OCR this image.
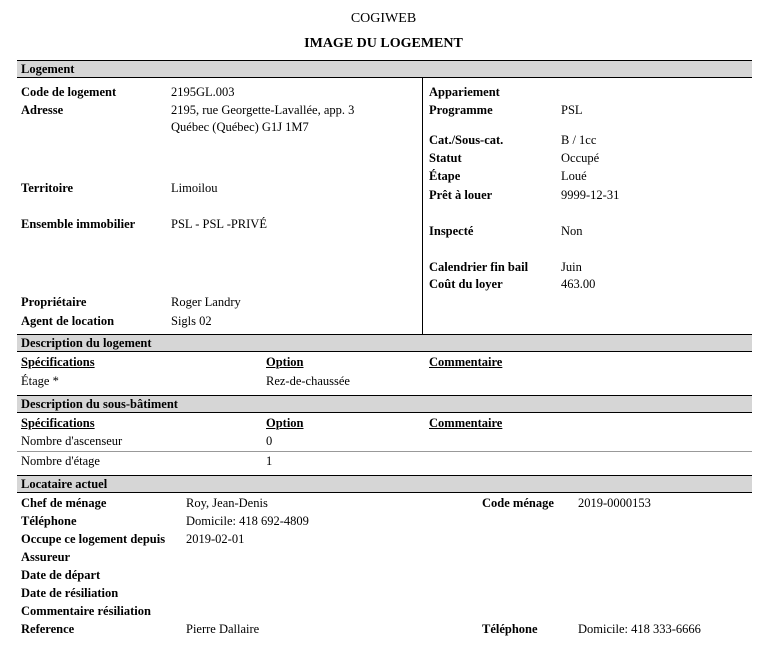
COGIWEB
IMAGE DU LOGEMENT
Logement
Code de logement	2195GL.003
Adresse	2195, rue Georgette-Lavallée, app. 3
Québec (Québec) G1J 1M7
Territoire	Limoilou
Ensemble immobilier	PSL - PSL -PRIVÉ
Propriétaire	Roger Landry
Agent de location	Sigls 02
Appariement
Programme	PSL
Cat./Sous-cat.	B / 1cc
Statut	Occupé
Étape	Loué
Prêt à louer	9999-12-31
Inspecté	Non
Calendrier fin bail	Juin
Coût du loyer	463.00
Description du logement
Spécifications	Option	Commentaire
Étage *	Rez-de-chaussée
Description du sous-bâtiment
Spécifications	Option	Commentaire
Nombre d'ascenseur	0
Nombre d'étage	1
Locataire actuel
Chef de ménage	Roy, Jean-Denis	Code ménage 2019-0000153
Téléphone	Domicile: 418 692-4809
Occupe ce logement depuis 2019-02-01
Assureur
Date de départ
Date de résiliation
Commentaire résiliation
Reference	Pierre Dallaire	Téléphone	Domicile: 418 333-6666
